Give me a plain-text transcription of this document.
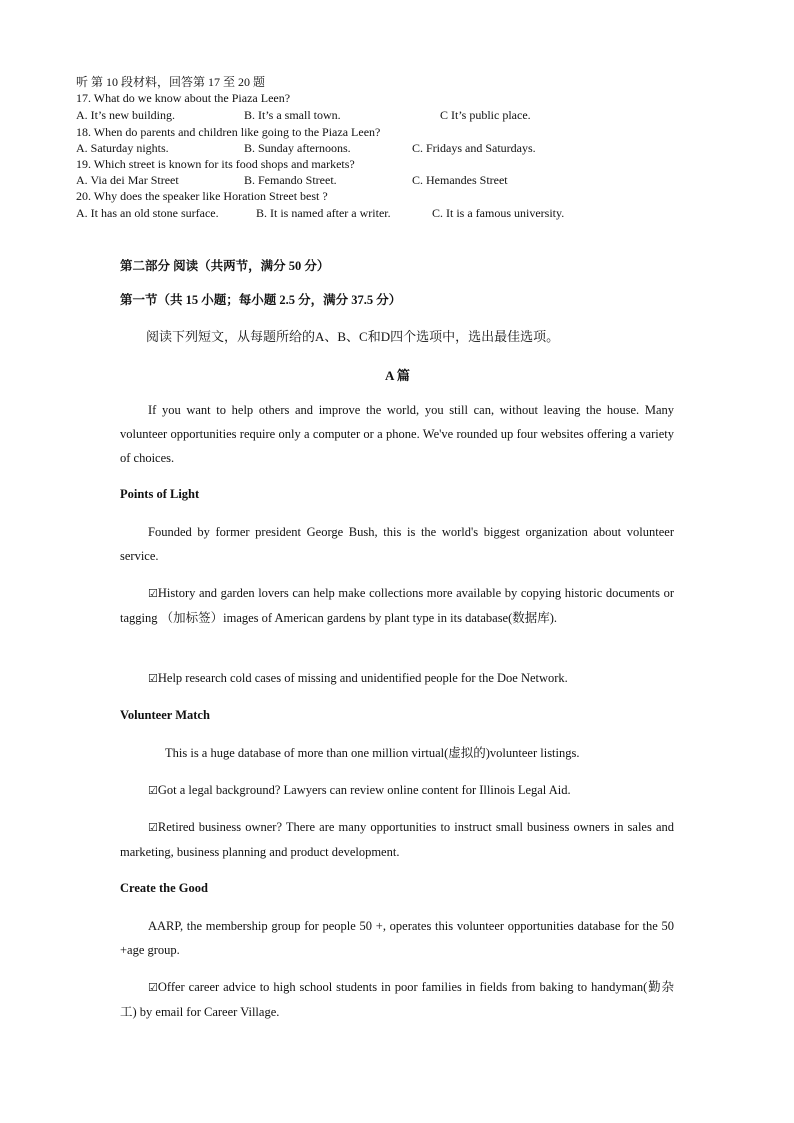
听 第 10 段材料，回答第 17 至 20 题
17. What do we know about the Piaza Leen?
A. It’s new building.	B. It’s a small town.	C It’s public place.
18. When do parents and children like going to the Piaza Leen?
A. Saturday nights.	B. Sunday afternoons.	C. Fridays and Saturdays.
19. Which street is known for its food shops and markets?
A. Via dei Mar Street	B. Femando Street.	C. Hemandes Street
20. Why does the speaker like Horation Street best ?
A. It has an old stone surface.	B. It is named after a writer.	C. It is a famous university.
第二部分 阅读（共两节，满分 50 分）
第一节（共 15 小题；每小题 2.5 分，满分 37.5 分）
阅读下列短文，从每题所给的A、B、C和D四个选项中，选出最佳选项。
A 篇
If you want to help others and improve the world, you still can, without leaving the house. Many volunteer opportunities require only a computer or a phone. We've rounded up four websites offering a variety of choices.
Points of Light
Founded by former president George Bush, this is the world's biggest organization about volunteer service.
☑History and garden lovers can help make collections more available by copying historic documents or tagging （加标签）images of American gardens by plant type in its database(数据库).
☑Help research cold cases of missing and unidentified people for the Doe Network.
Volunteer Match
This is a huge database of more than one million virtual(虚拟的)volunteer listings.
☑Got a legal background? Lawyers can review online content for Illinois Legal Aid.
☑Retired business owner? There are many opportunities to instruct small business owners in sales and marketing, business planning and product development.
Create the Good
AARP, the membership group for people 50 +, operates this volunteer opportunities database for the 50 +age group.
☑Offer career advice to high school students in poor families in fields from baking to handyman(勤杂工) by email for Career Village.
